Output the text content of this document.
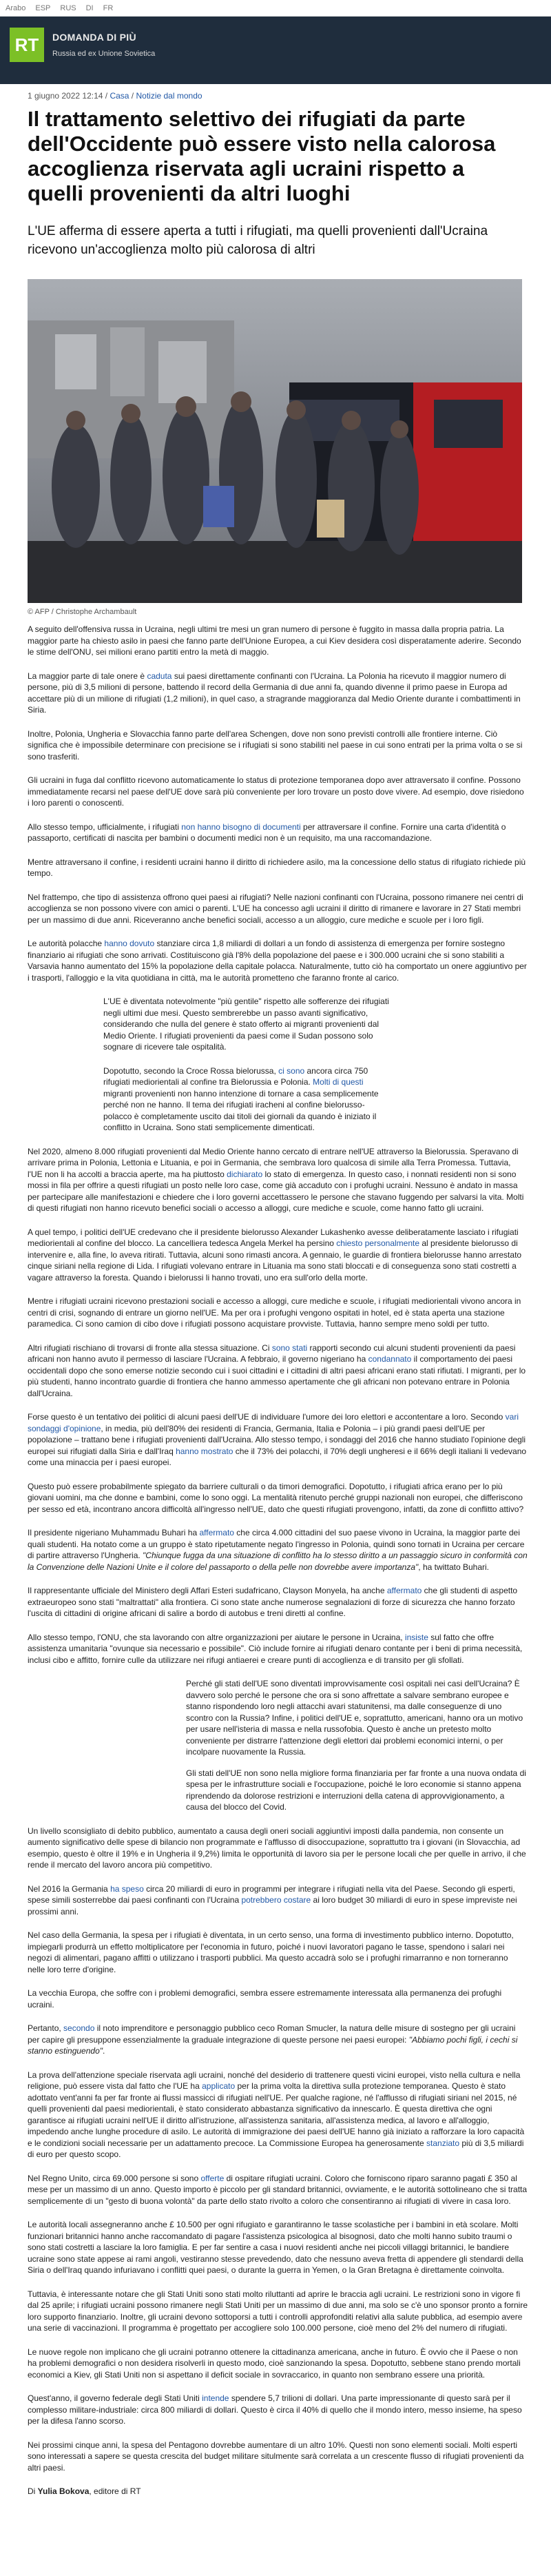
Arabo ESP RUS DI FR
RT	DOMANDA DI PIÙ
Russia ed ex Unione Sovietica
1 giugno 2022 12:14 / Casa / Notizie dal mondo
Il trattamento selettivo dei rifugiati da parte dell'Occidente può essere visto nella calorosa accoglienza riservata agli ucraini rispetto a quelli provenienti da altri luoghi
L'UE afferma di essere aperta a tutti i rifugiati, ma quelli provenienti dall'Ucraina ricevono un'accoglienza molto più calorosa di altri
© AFP / Christophe Archambault

A seguito dell'offensiva russa in Ucraina, negli ultimi tre mesi un gran numero di persone è fuggito in massa dalla propria patria. La maggior parte ha chiesto asilo in paesi che fanno parte dell'Unione Europea, a cui Kiev desidera così disperatamente aderire. Secondo le stime dell'ONU, sei milioni erano partiti entro la metà di maggio.

La maggior parte di tale onere è caduta sui paesi direttamente confinanti con l'Ucraina. La Polonia ha ricevuto il maggior numero di persone, più di 3,5 milioni di persone, battendo il record della Germania di due anni fa, quando divenne il primo paese in Europa ad accettare più di un milione di rifugiati (1,2 milioni), in quel caso, a stragrande maggioranza dal Medio Oriente durante i combattimenti in Siria.

Inoltre, Polonia, Ungheria e Slovacchia fanno parte dell'area Schengen, dove non sono previsti controlli alle frontiere interne. Ciò significa che è impossibile determinare con precisione se i rifugiati si sono stabiliti nel paese in cui sono entrati per la prima volta o se si sono trasferiti.

Gli ucraini in fuga dal conflitto ricevono automaticamente lo status di protezione temporanea dopo aver attraversato il confine. Possono immediatamente recarsi nel paese dell'UE dove sarà più conveniente per loro trovare un posto dove vivere. Ad esempio, dove risiedono i loro parenti o conoscenti.

Allo stesso tempo, ufficialmente, i rifugiati non hanno bisogno di documenti per attraversare il confine. Fornire una carta d'identità o passaporto, certificati di nascita per bambini o documenti medici non è un requisito, ma una raccomandazione.

Mentre attraversano il confine, i residenti ucraini hanno il diritto di richiedere asilo, ma la concessione dello status di rifugiato richiede più tempo.

Nel frattempo, che tipo di assistenza offrono quei paesi ai rifugiati? Nelle nazioni confinanti con l'Ucraina, possono rimanere nei centri di accoglienza se non possono vivere con amici o parenti. L'UE ha concesso agli ucraini il diritto di rimanere e lavorare in 27 Stati membri per un massimo di due anni. Riceveranno anche benefici sociali, accesso a un alloggio, cure mediche e scuole per i loro figli.

Le autorità polacche hanno dovuto stanziare circa 1,8 miliardi di dollari a un fondo di assistenza di emergenza per fornire sostegno finanziario ai rifugiati che sono arrivati. Costituiscono già l'8% della popolazione del paese e i 300.000 ucraini che si sono stabiliti a Varsavia hanno aumentato del 15% la popolazione della capitale polacca. Naturalmente, tutto ciò ha comportato un onere aggiuntivo per i trasporti, l'alloggio e la vita quotidiana in città, ma le autorità prometteno che faranno fronte al carico.

L'UE è diventata notevolmente "più gentile" rispetto alle sofferenze dei rifugiati negli ultimi due mesi. Questo sembrerebbe un passo avanti significativo, considerando che nulla del genere è stato offerto ai migranti provenienti dal Medio Oriente. I rifugiati provenienti da paesi come il Sudan possono solo sognare di ricevere tale ospitalità.

Dopotutto, secondo la Croce Rossa bielorussa, ci sono ancora circa 750 rifugiati mediorientali al confine tra Bielorussia e Polonia. Molti di questi migranti provenienti non hanno intenzione di tornare a casa semplicemente perché non ne hanno. Il tema dei rifugiati iracheni al confine bielorusso-polacco è completamente uscito dai titoli dei giornali da quando è iniziato il conflitto in Ucraina. Sono stati semplicemente dimenticati.

Nel 2020, almeno 8.000 rifugiati provenienti dal Medio Oriente hanno cercato di entrare nell'UE attraverso la Bielorussia. Speravano di arrivare prima in Polonia, Lettonia e Lituania, e poi in Germania, che sembrava loro qualcosa di simile alla Terra Promessa. Tuttavia, l'UE non li ha accolti a braccia aperte, ma ha piuttosto dichiarato lo stato di emergenza. In questo caso, i nonnati residenti non si sono mossi in fila per offrire a questi rifugiati un posto nelle loro case, come già accaduto con i profughi ucraini. Nessuno è andato in massa per partecipare alle manifestazioni e chiedere che i loro governi accettassero le persone che stavano fuggendo per salvarsi la vita. Molti di questi rifugiati non hanno ricevuto benefici sociali o accesso a alloggi, cure mediche e scuole, come hanno fatto gli ucraini.

A quel tempo, i politici dell'UE credevano che il presidente bielorusso Alexander Lukashenko avesse deliberatamente lasciato i rifugiati mediorientali al confine del blocco. La cancelliera tedesca Angela Merkel ha persino chiesto personalmente al presidente bielorusso di intervenire e, alla fine, lo aveva ritirati. Tuttavia, alcuni sono rimasti ancora. A gennaio, le guardie di frontiera bielorusse hanno arrestato cinque siriani nella regione di Lida. I rifugiati volevano entrare in Lituania ma sono stati bloccati e di conseguenza sono stati costretti a vagare attraverso la foresta. Quando i bielorussi li hanno trovati, uno era sull'orlo della morte.

Mentre i rifugiati ucraini ricevono prestazioni sociali e accesso a alloggi, cure mediche e scuole, i rifugiati mediorientali vivono ancora in centri di crisi, sognando di entrare un giorno nell'UE. Ma per ora i profughi vengono ospitati in hotel, ed è stata aperta una stazione paramedica. Ci sono camion di cibo dove i rifugiati possono acquistare provviste. Tuttavia, hanno sempre meno soldi per tutto.

Altri rifugiati rischiano di trovarsi di fronte alla stessa situazione. Ci sono stati rapporti secondo cui alcuni studenti provenienti da paesi africani non hanno avuto il permesso di lasciare l'Ucraina. A febbraio, il governo nigeriano ha condannato il comportamento dei paesi occidentali dopo che sono emerse notizie secondo cui i suoi cittadini e i cittadini di altri paesi africani erano stati rifiutati. I migranti, per lo più studenti, hanno incontrato guardie di frontiera che hanno ammesso apertamente che gli africani non potevano entrare in Polonia dall'Ucraina.

Forse questo è un tentativo dei politici di alcuni paesi dell'UE di individuare l'umore dei loro elettori e accontentare a loro. Secondo vari sondaggi d'opinione, in media, più dell'80% dei residenti di Francia, Germania, Italia e Polonia – i più grandi paesi dell'UE per popolazione – trattano bene i rifugiati provenienti dall'Ucraina. Allo stesso tempo, i sondaggi del 2016 che hanno studiato l'opinione degli europei sui rifugiati dalla Siria e dall'Iraq hanno mostrato che il 73% dei polacchi, il 70% degli ungheresi e il 66% degli italiani li vedevano come una minaccia per i paesi europei.

Questo può essere probabilmente spiegato da barriere culturali o da timori demografici. Dopotutto, i rifugiati africa erano per lo più giovani uomini, ma che donne e bambini, come lo sono oggi. La mentalità ritenuto perché gruppi nazionali non europei, che differiscono per sesso ed età, incontrano ancora difficoltà all'ingresso nell'UE, dato che questi rifugiati provengono, infatti, da zone di conflitto attivo?

Il presidente nigeriano Muhammadu Buhari ha affermato che circa 4.000 cittadini del suo paese vivono in Ucraina, la maggior parte dei quali studenti. Ha notato come a un gruppo è stato ripetutamente negato l'ingresso in Polonia, quindi sono tornati in Ucraina per cercare di partire attraverso l'Ungheria. "Chiunque fugga da una situazione di conflitto ha lo stesso diritto a un passaggio sicuro in conformità con la Convenzione delle Nazioni Unite e il colore del passaporto o della pelle non dovrebbe avere importanza", ha twittato Buhari.

Il rappresentante ufficiale del Ministero degli Affari Esteri sudafricano, Clayson Monyela, ha anche affermato che gli studenti di aspetto extraeuropeo sono stati "maltrattati" alla frontiera. Ci sono state anche numerose segnalazioni di forze di sicurezza che hanno forzato l'uscita di cittadini di origine africani di salire a bordo di autobus e treni diretti al confine.

Allo stesso tempo, l'ONU, che sta lavorando con altre organizzazioni per aiutare le persone in Ucraina, insiste sul fatto che offre assistenza umanitaria "ovunque sia necessario e possibile". Ciò include fornire ai rifugiati denaro contante per i beni di prima necessità, inclusi cibo e affitto, fornire culle da utilizzare nei rifugi antiaerei e creare punti di accoglienza e di transito per gli sfollati.

Perché gli stati dell'UE sono diventati improvvisamente così ospitali nei casi dell'Ucraina? È davvero solo perché le persone che ora si sono affrettate a salvare sembrano europee e stanno rispondendo loro negli attacchi avari statunitensi, ma dalle conseguenze di uno scontro con la Russia? Infine, i politici dell'UE e, soprattutto, americani, hanno ora un motivo per usare nell'isteria di massa e nella russofobia. Questo è anche un pretesto molto conveniente per distrarre l'attenzione degli elettori dai problemi economici interni, o per incolpare nuovamente la Russia.

Gli stati dell'UE non sono nella migliore forma finanziaria per far fronte a una nuova ondata di spesa per le infrastrutture sociali e l'occupazione, poiché le loro economie si stanno appena riprendendo da dolorose restrizioni e interruzioni della catena di approvvigionamento, a causa del blocco del Covid.

Un livello sconsigliato di debito pubblico, aumentato a causa degli oneri sociali aggiuntivi imposti dalla pandemia, non consente un aumento significativo delle spese di bilancio non programmate e l'afflusso di disoccupazione, soprattutto tra i giovani (in Slovacchia, ad esempio, questo è oltre il 19% e in Ungheria il 9,2%) limita le opportunità di lavoro sia per le persone locali che per quelle in arrivo, il che rende il mercato del lavoro ancora più competitivo.

Nel 2016 la Germania ha speso circa 20 miliardi di euro in programmi per integrare i rifugiati nella vita del Paese. Secondo gli esperti, spese simili sosterrebbe dai paesi confinanti con l'Ucraina potrebbero costare ai loro budget 30 miliardi di euro in spese impreviste nei prossimi anni.

Nel caso della Germania, la spesa per i rifugiati è diventata, in un certo senso, una forma di investimento pubblico interno. Dopotutto, impiegarli produrrà un effetto moltiplicatore per l'economia in futuro, poiché i nuovi lavoratori pagano le tasse, spendono i salari nei negozi di alimentari, pagano affitti o utilizzano i trasporti pubblici. Ma questo accadrà solo se i profughi rimarranno e non torneranno nelle loro terre d'origine.

La vecchia Europa, che soffre con i problemi demografici, sembra essere estremamente interessata alla permanenza dei profughi ucraini.

Pertanto, secondo il noto imprenditore e personaggio pubblico ceco Roman Smucler, la natura delle misure di sostegno per gli ucraini per capire gli presuppone essenzialmente la graduale integrazione di queste persone nei paesi europei: "Abbiamo pochi figli, i cechi si stanno estinguendo".

La prova dell'attenzione speciale riservata agli ucraini, nonché del desiderio di trattenere questi vicini europei, visto nella cultura e nella religione, può essere vista dal fatto che l'UE ha applicato per la prima volta la direttiva sulla protezione temporanea. Questo è stato adottato vent'anni fa per far fronte ai flussi massicci di rifugiati nell'UE. Per qualche ragione, né l'afflusso di rifugiati siriani nel 2015, né quelli provenienti dal paesi mediorientali, è stato considerato abbastanza significativo da innescarlo. È questa direttiva che ogni garantisce ai rifugiati ucraini nell'UE il diritto all'istruzione, all'assistenza sanitaria, all'assistenza medica, al lavoro e all'alloggio, impedendo anche lunghe procedure di asilo. Le autorità di immigrazione dei paesi dell'UE hanno già iniziato a rafforzare la loro capacità e le condizioni sociali necessarie per un adattamento precoce. La Commissione Europea ha generosamente stanziato più di 3,5 miliardi di euro per questo scopo.

Nel Regno Unito, circa 69.000 persone si sono offerte di ospitare rifugiati ucraini. Coloro che forniscono riparo saranno pagati £ 350 al mese per un massimo di un anno. Questo importo è piccolo per gli standard britannici, ovviamente, e le autorità sottolineano che si tratta semplicemente di un "gesto di buona volontà" da parte dello stato rivolto a coloro che consentiranno ai rifugiati di vivere in casa loro.

Le autorità locali assegneranno anche £ 10.500 per ogni rifugiato e garantiranno le tasse scolastiche per i bambini in età scolare. Molti funzionari britannici hanno anche raccomandato di pagare l'assistenza psicologica al bisognosi, dato che molti hanno subito traumi o sono stati costretti a lasciare la loro famiglia. E per far sentire a casa i nuovi residenti anche nei piccoli villaggi britannici, le bandiere ucraine sono state appese ai rami angoli, vestiranno stesse prevedendo, dato che nessuno aveva fretta di appendere gli stendardi della Siria o dell'Iraq quando infuriavano i conflitti quei paesi, o durante la guerra in Yemen, o la Gran Bretagna è direttamente coinvolta.

Tuttavia, è interessante notare che gli Stati Uniti sono stati molto riluttanti ad aprire le braccia agli ucraini. Le restrizioni sono in vigore fi dal 25 aprile; i rifugiati ucraini possono rimanere negli Stati Uniti per un massimo di due anni, ma solo se c'è uno sponsor pronto a fornire loro supporto finanziario. Inoltre, gli ucraini devono sottoporsi a tutti i controlli approfonditi relativi alla salute pubblica, ad esempio avere una serie di vaccinazioni. Il programma è progettato per accogliere solo 100.000 persone, cioè meno del 2% del numero di rifugiati.

Le nuove regole non implicano che gli ucraini potranno ottenere la cittadinanza americana, anche in futuro. È ovvio che il Paese o non ha problemi demografici o non desidera risolverli in questo modo, cioè sanzionando la spesa. Dopotutto, sebbene stano prendo mortali economici a Kiev, gli Stati Uniti non si aspettano il deficit sociale in sovraccarico, in quanto non sembrano essere una priorità.

Quest'anno, il governo federale degli Stati Uniti intende spendere 5,7 trilioni di dollari. Una parte impressionante di questo sarà per il complesso militare-industriale: circa 800 miliardi di dollari. Questo è circa il 40% di quello che il mondo intero, messo insieme, ha speso per la difesa l'anno scorso.

Nei prossimi cinque anni, la spesa del Pentagono dovrebbe aumentare di un altro 10%. Questi non sono elementi sociali. Molti esperti sono interessati a sapere se questa crescita del budget militare situlmente sarà correlata a un crescente flusso di rifugiati provenienti da altri paesi.

Di Yulia Bokova, editore di RT
